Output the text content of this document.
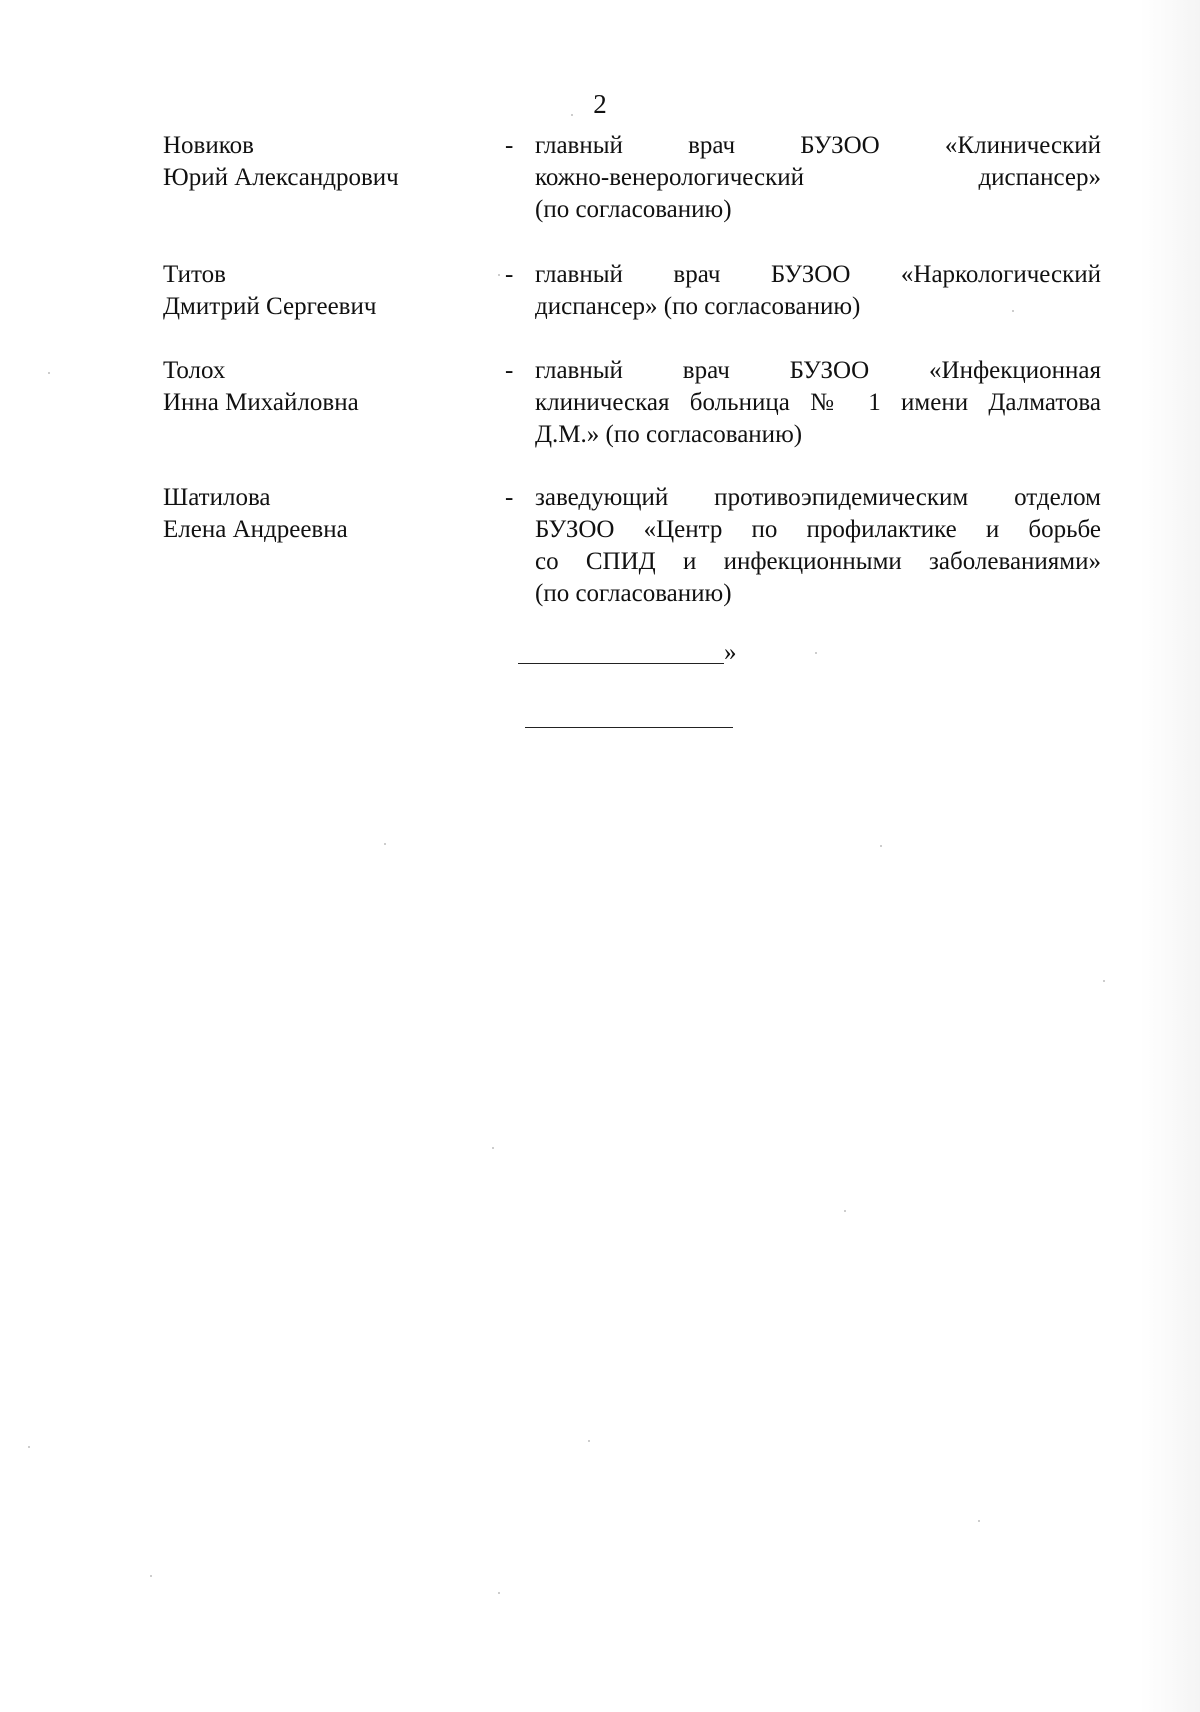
2
Новиков
Юрий Александрович
- главный врач БУЗОО «Клинический
кожно-венерологический диспансер»
(по согласованию)
Титов
Дмитрий Сергеевич
- главный врач БУЗОО «Наркологический
диспансер» (по согласованию)
Толох
Инна Михайловна
- главный врач БУЗОО «Инфекционная
клиническая больница № 1 имени Далматова
Д.М.» (по согласованию)
Шатилова
Елена Андреевна
- заведующий противоэпидемическим отделом
БУЗОО «Центр по профилактике и борьбе
со СПИД и инфекционными заболеваниями»
(по согласованию)
»
